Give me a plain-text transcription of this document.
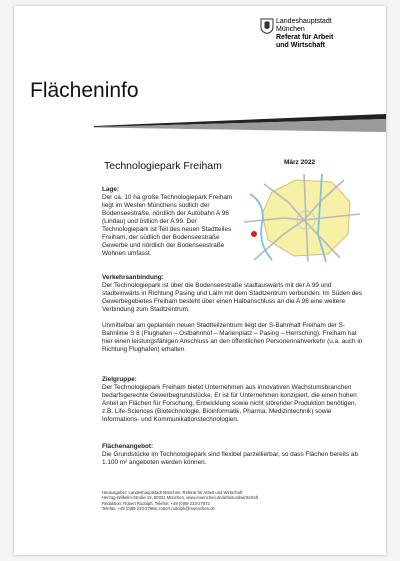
Landeshauptstadt
München
Referat für Arbeit
und Wirtschaft
Flächeninfo
Technologiepark Freiham	März 2022
Lage:
Der ca. 10 ha große Technologiepark Freiham liegt im Westen Münchens südlich der Bodenseestraße, nördlich der Autobahn A 96 (Lindau) und östlich der A 99. Der Technologiepark ist Teil des neuen Stadtteiles Freiham, der südlich der Bodenseestraße Gewerbe und nördlich der Bodenseestraße Wohnen umfasst.
Verkehrsanbindung:
Der Technologiepark ist über die Bodenseestraße stadtauswärts mit der A 99 und stadteinwärts in Richtung Pasing und Laim mit dem Stadtzentrum verbunden. Im Süden des Gewerbegebietes Freiham besteht über einen Halbanschluss an die A 96 eine weitere Verbindung zum Stadtzentrum.
Unmittelbar am geplanten neuen Stadtteilzentrum liegt der S-Bahnhalt Freiham der S-Bahnlinie S 8 (Flughafen – Ostbahnhof – Marienplatz – Pasing – Herrsching). Freiham hat hier einen leistungsfähigen Anschluss an den öffentlichen Personennahverkehr (u.a. auch in Richtung Flughafen) erhalten.
Zielgruppe:
Der Technologiepark Freiham bietet Unternehmen aus innovativen Wachstumsbranchen bedarfsgerechte Gewerbegrundstücke. Er ist für Unternehmen konzipiert, die einen hohen Anteil an Flächen für Forschung, Entwicklung sowie nicht störender Produktion benötigen, z.B. Life-Sciences (Biotechnologie, Bioinformatik, Pharma, Medizintechnik) sowie Informations- und Kommunikationstechnologien.
Flächenangebot:
Die Grundstücke im Technologiepark sind flexibel parzellierbar, so dass Flächen bereits ab 1.100 m² angeboten werden können.
Herausgeber: Landeshauptstadt München, Referat für Arbeit und Wirtschaft
Herzog-Wilhelm-Straße 15, 80331 München, www.muenchen.de/arbeitundwirtschaft
Redaktion: Robert Rudolph, Telefon: +49 (0)89 233-27872
Telefax: +49 (0)89 233-27966, robert.rudolph@muenchen.de
